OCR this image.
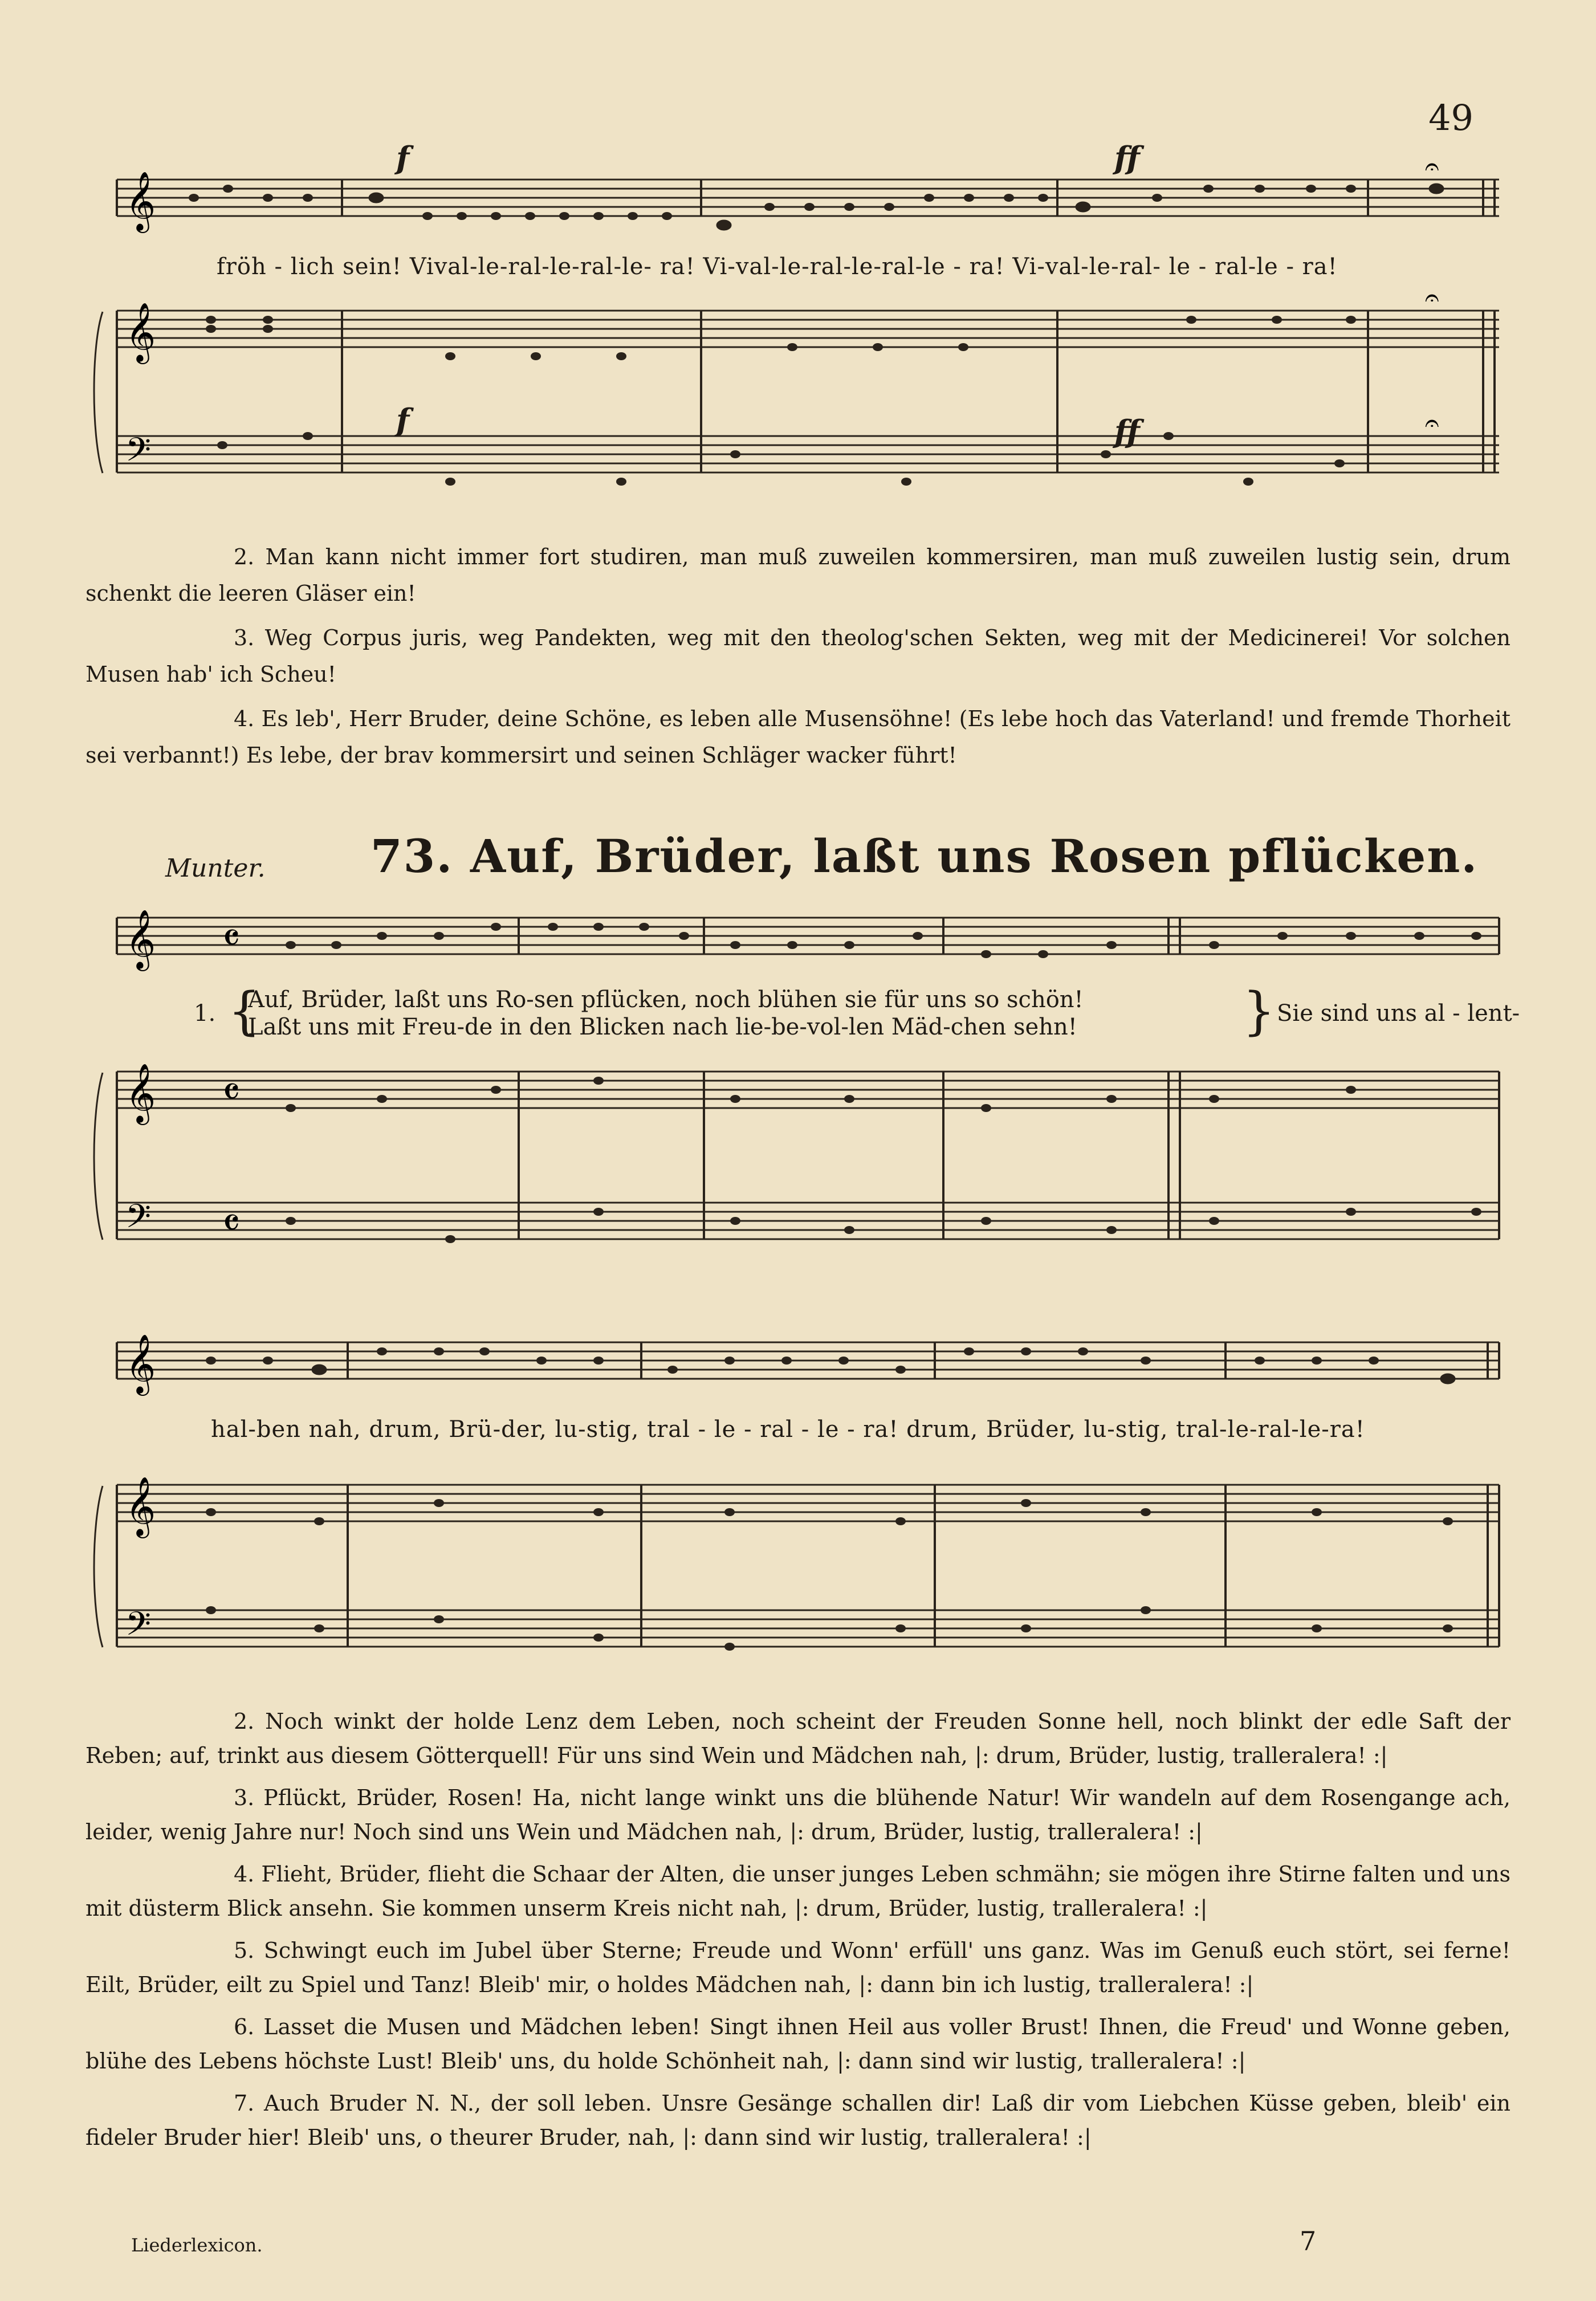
49
𝄞
𝄞
𝄢
𝄐
𝄐
𝄐
f	ff
f	ff
fröh - lich sein! Vival-le-ral-le-ral-le- ra! Vi-val-le-ral-le-ral-le - ra! Vi-val-le-ral- le - ral-le - ra!

2. Man kann nicht immer fort studiren, man muß zuweilen kommersiren, man muß zuweilen lustig sein, drum schenkt die leeren Gläser ein!

3. Weg Corpus juris, weg Pandekten, weg mit den theolog'schen Sekten, weg mit der Medicinerei! Vor solchen Musen hab' ich Scheu!

4. Es leb', Herr Bruder, deine Schöne, es leben alle Musensöhne! (Es lebe hoch das Vaterland! und fremde Thorheit sei verbannt!) Es lebe, der brav kommersirt und seinen Schläger wacker führt!

Munter. 73. Auf, Brüder, laßt uns Rosen pflücken.
𝄞
𝄞
𝄢
𝄴
𝄴
𝄴
1. {
Auf, Brüder, laßt uns Ro-sen pflücken, noch blühen sie für uns so schön!
Laßt uns mit Freu-de in den Blicken nach lie-be-vol-len Mäd-chen sehn!	} Sie sind uns al - lent-
𝄞
𝄞
𝄢
hal-ben nah, drum, Brü-der, lu-stig, tral - le - ral - le - ra! drum, Brüder, lu-stig, tral-le-ral-le-ra!

2. Noch winkt der holde Lenz dem Leben, noch scheint der Freuden Sonne hell, noch blinkt der edle Saft der Reben; auf, trinkt aus diesem Götterquell! Für uns sind Wein und Mädchen nah, |: drum, Brüder, lustig, tralleralera! :|

3. Pflückt, Brüder, Rosen! Ha, nicht lange winkt uns die blühende Natur! Wir wandeln auf dem Rosengange ach, leider, wenig Jahre nur! Noch sind uns Wein und Mädchen nah, |: drum, Brüder, lustig, tralleralera! :|

4. Flieht, Brüder, flieht die Schaar der Alten, die unser junges Leben schmähn; sie mögen ihre Stirne falten und uns mit düsterm Blick ansehn. Sie kommen unserm Kreis nicht nah, |: drum, Brüder, lustig, tralleralera! :|

5. Schwingt euch im Jubel über Sterne; Freude und Wonn' erfüll' uns ganz. Was im Genuß euch stört, sei ferne! Eilt, Brüder, eilt zu Spiel und Tanz! Bleib' mir, o holdes Mädchen nah, |: dann bin ich lustig, tralleralera! :|

6. Lasset die Musen und Mädchen leben! Singt ihnen Heil aus voller Brust! Ihnen, die Freud' und Wonne geben, blühe des Lebens höchste Lust! Bleib' uns, du holde Schönheit nah, |: dann sind wir lustig, tralleralera! :|

7. Auch Bruder N. N., der soll leben. Unsre Gesänge schallen dir! Laß dir vom Liebchen Küsse geben, bleib' ein fideler Bruder hier! Bleib' uns, o theurer Bruder, nah, |: dann sind wir lustig, tralleralera! :|

Liederlexicon.	7
